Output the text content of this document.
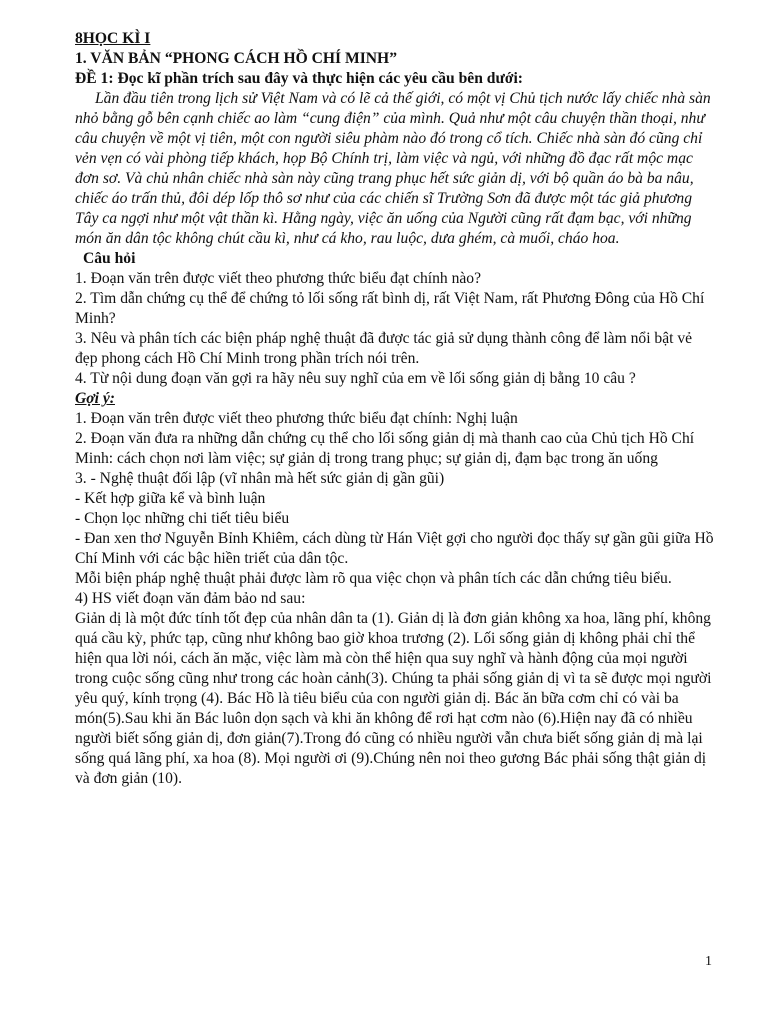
8HỌC KÌ I
1. VĂN BẢN “PHONG CÁCH HỒ CHÍ MINH”
ĐỀ 1: Đọc kĩ phần trích sau đây và thực hiện các yêu cầu bên dưới:

Lần đầu tiên trong lịch sử Việt Nam và có lẽ cả thế giới, có một vị Chủ tịch nước lấy chiếc nhà sàn nhỏ bằng gỗ bên cạnh chiếc ao làm “cung điện” của mình. Quả như một câu chuyện thần thoại, như câu chuyện về một vị tiên, một con người siêu phàm nào đó trong cổ tích. Chiếc nhà sàn đó cũng chỉ vẻn vẹn có vài phòng tiếp khách, họp Bộ Chính trị, làm việc và ngủ, với những đồ đạc rất mộc mạc đơn sơ. Và chủ nhân chiếc nhà sàn này cũng trang phục hết sức giản dị, với bộ quần áo bà ba nâu, chiếc áo trấn thủ, đôi dép lốp thô sơ như của các chiến sĩ Trường Sơn đã được một tác giả phương Tây ca ngợi như một vật thần kì. Hằng ngày, việc ăn uống của Người cũng rất đạm bạc, với những món ăn dân tộc không chút cầu kì, như cá kho, rau luộc, dưa ghém, cà muối, cháo hoa.

Câu hỏi

1. Đoạn văn trên được viết theo phương thức biểu đạt chính nào?

2. Tìm dẫn chứng cụ thể để chứng tỏ lối sống rất bình dị, rất Việt Nam, rất Phương Đông của Hồ Chí Minh?

3. Nêu và phân tích các biện pháp nghệ thuật đã được tác giả sử dụng thành công để làm nổi bật vẻ đẹp phong cách Hồ Chí Minh trong phần trích nói trên.

4. Từ nội dung đoạn văn gợi ra hãy nêu suy nghĩ của em về lối sống giản dị bằng 10 câu ?

Gợi ý:

1. Đoạn văn trên được viết theo phương thức biểu đạt chính: Nghị luận

2. Đoạn văn đưa ra những dẫn chứng cụ thể cho lối sống giản dị mà thanh cao của Chủ tịch Hồ Chí Minh: cách chọn nơi làm việc; sự giản dị trong trang phục; sự giản dị, đạm bạc trong ăn uống

3. - Nghệ thuật đối lập (vĩ nhân mà hết sức giản dị gần gũi)

- Kết hợp giữa kể và bình luận

- Chọn lọc những chi tiết tiêu biểu

- Đan xen thơ Nguyễn Bỉnh Khiêm, cách dùng từ Hán Việt gợi cho người đọc thấy sự gần gũi giữa Hồ Chí Minh với các bậc hiền triết của dân tộc.

Mỗi biện pháp nghệ thuật phải được làm rõ qua việc chọn và phân tích các dẫn chứng tiêu biểu.

4) HS viết đoạn văn đảm bảo nd sau:

Giản dị là một đức tính tốt đẹp của nhân dân ta (1). Giản dị là đơn giản không xa hoa, lãng phí, không quá cầu kỳ, phức tạp, cũng như không bao giờ khoa trương (2). Lối sống giản dị không phải chỉ thể hiện qua lời nói, cách ăn mặc, việc làm mà còn thể hiện qua suy nghĩ và hành động của mọi người trong cuộc sống cũng như trong các hoàn cảnh(3). Chúng ta phải sống giản dị vì ta sẽ được mọi người yêu quý, kính trọng (4). Bác Hồ là tiêu biểu của con người giản dị. Bác ăn bữa cơm chỉ có vài ba món(5).Sau khi ăn Bác luôn dọn sạch và khi ăn không để rơi hạt cơm nào (6).Hiện nay đã có nhiều người biết sống giản dị, đơn giản(7).Trong đó cũng có nhiều người vẫn chưa biết sống giản dị mà lại sống quá lãng phí, xa hoa (8). Mọi người ơi (9).Chúng nên noi theo gương Bác phải sống thật giản dị và đơn giản (10).

1
